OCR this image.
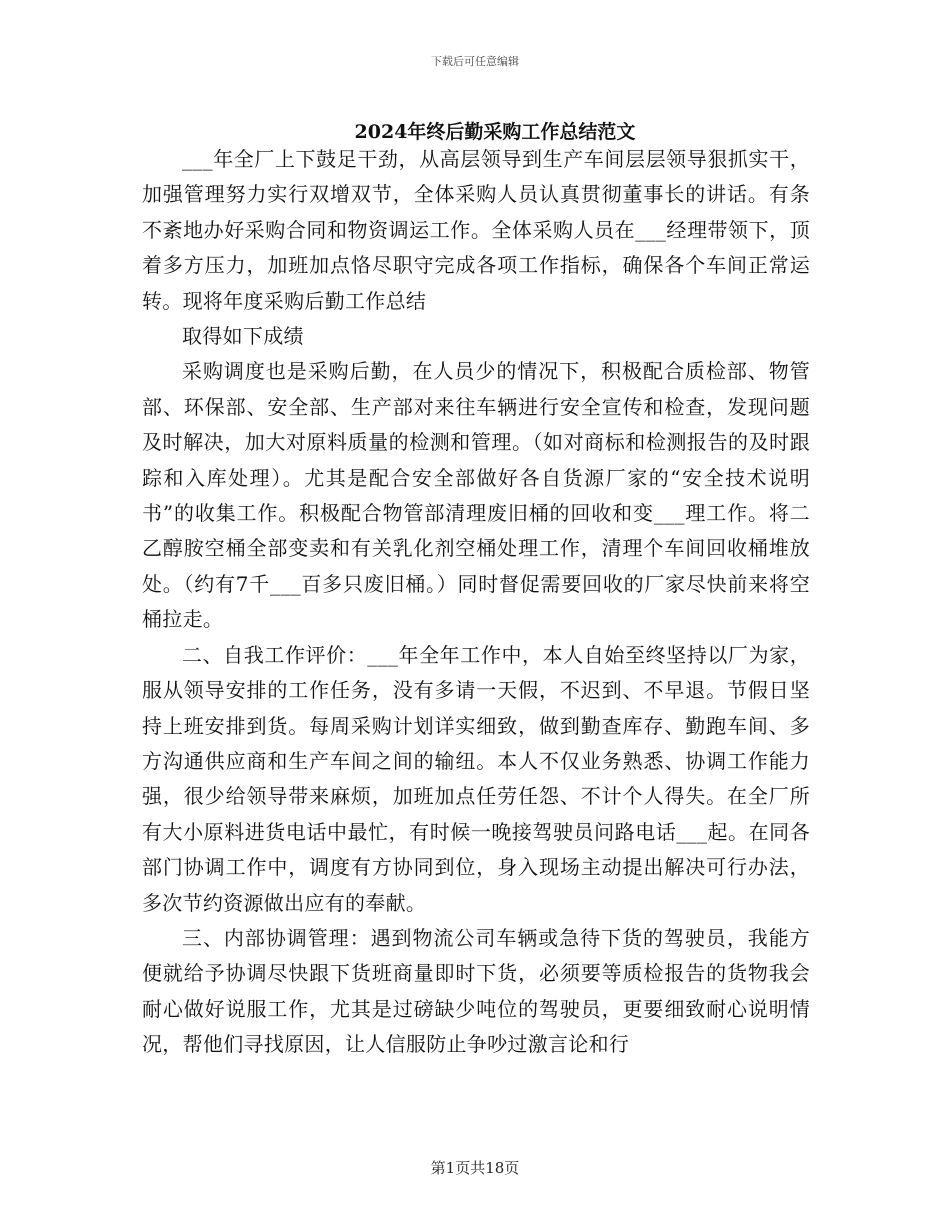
下载后可任意编辑
2024年终后勤采购工作总结范文

___年全厂上下鼓足干劲，从高层领导到生产车间层层领导狠抓实干，加强管理努力实行双增双节，全体采购人员认真贯彻董事长的讲话。有条不紊地办好采购合同和物资调运工作。全体采购人员在___经理带领下，顶着多方压力，加班加点恪尽职守完成各项工作指标，确保各个车间正常运转。现将年度采购后勤工作总结

取得如下成绩

采购调度也是采购后勤，在人员少的情况下，积极配合质检部、物管部、环保部、安全部、生产部对来往车辆进行安全宣传和检查，发现问题及时解决，加大对原料质量的检测和管理。（如对商标和检测报告的及时跟踪和入库处理）。尤其是配合安全部做好各自货源厂家的“安全技术说明书”的收集工作。积极配合物管部清理废旧桶的回收和变___理工作。将二乙醇胺空桶全部变卖和有关乳化剂空桶处理工作，清理个车间回收桶堆放处。（约有7千___百多只废旧桶。）同时督促需要回收的厂家尽快前来将空桶拉走。

二、自我工作评价：___年全年工作中，本人自始至终坚持以厂为家，服从领导安排的工作任务，没有多请一天假，不迟到、不早退。节假日坚持上班安排到货。每周采购计划详实细致，做到勤查库存、勤跑车间、多方沟通供应商和生产车间之间的输纽。本人不仅业务熟悉、协调工作能力强，很少给领导带来麻烦，加班加点任劳任怨、不计个人得失。在全厂所有大小原料进货电话中最忙，有时候一晚接驾驶员问路电话___起。在同各部门协调工作中，调度有方协同到位，身入现场主动提出解决可行办法，多次节约资源做出应有的奉献。

三、内部协调管理：遇到物流公司车辆或急待下货的驾驶员，我能方便就给予协调尽快跟下货班商量即时下货，必须要等质检报告的货物我会耐心做好说服工作，尤其是过磅缺少吨位的驾驶员，更要细致耐心说明情况，帮他们寻找原因，让人信服防止争吵过激言论和行

第1页共18页
